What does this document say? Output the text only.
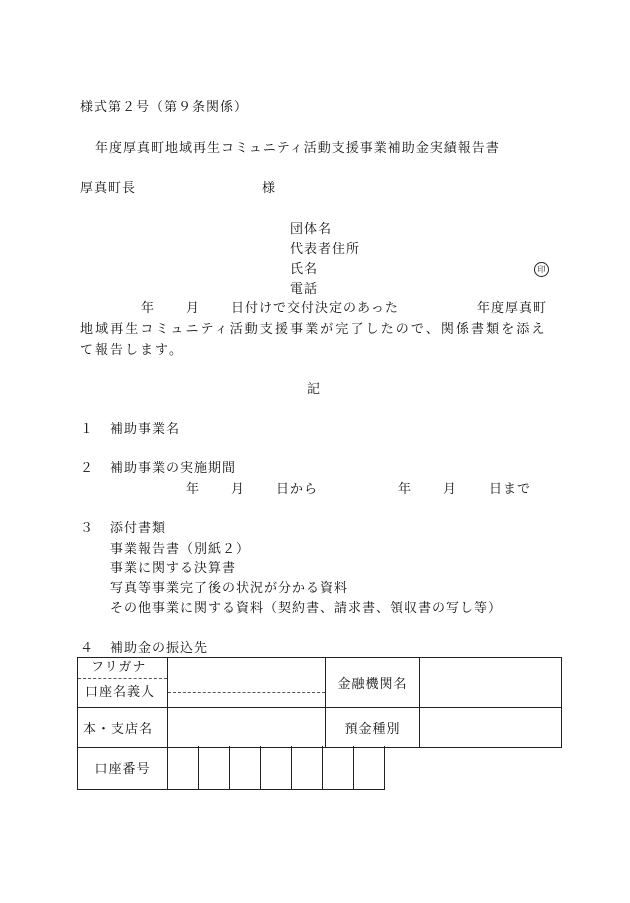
様式第２号（第９条関係）
年度厚真町地域再生コミュニティ活動支援事業補助金実績報告書
厚真町長	様
団体名
代表者住所
氏名	印
電話
年 月 日付けで交付決定のあった	年度厚真町
地域再生コミュニティ活動支援事業が完了したので、関係書類を添え
て報告します。
記
１ 補助事業名
２ 補助事業の実施期間
年 月 日から	年 月 日まで
３ 添付書類
事業報告書（別紙２）
事業に関する決算書
写真等事業完了後の状況が分かる資料
その他事業に関する資料（契約書、請求書、領収書の写し等）
４ 補助金の振込先
フリガナ
口座名義人		金融機関名	
本・支店名		預金種別	
口座番号							
